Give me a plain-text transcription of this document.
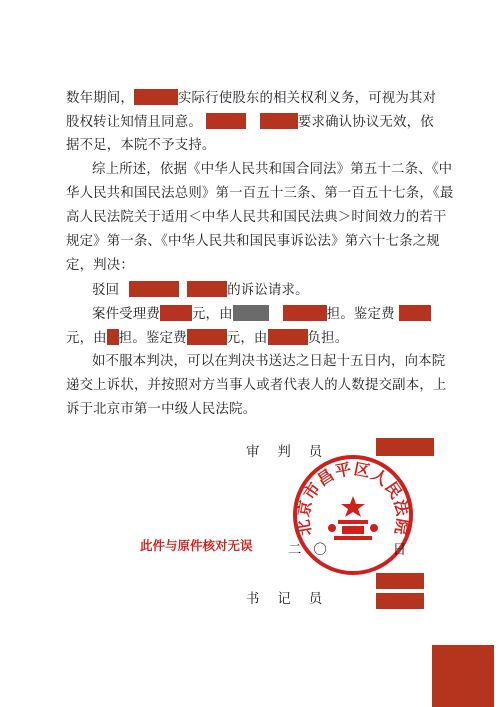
数年期间，	实际行使股东的相关权利义务，可视为其对
股权转让知情且同意。	要求确认协议无效，依
据不足，本院不予支持。
综上所述，依据《中华人民共和国合同法》第五十二条、《中
华人民共和国民法总则》第一百五十三条、第一百五十七条，《最
高人民法院关于适用＜中华人民共和国民法典＞时间效力的若干
规定》第一条、《中华人民共和国民事诉讼法》第六十七条之规
定，判决：
驳回	的诉讼请求。
案件受理费 元，由	担。鉴定费
元，由 担。鉴定费	元，由	负担。
如不服本判决，可以在判决书送达之日起十五日内，向本院
递交上诉状，并按照对方当事人或者代表人的人数提交副本，上
诉于北京市第一中级人民法院。
审判员
北京市昌平区人民法院
此件与原件核对无误	二〇	日
书记员
